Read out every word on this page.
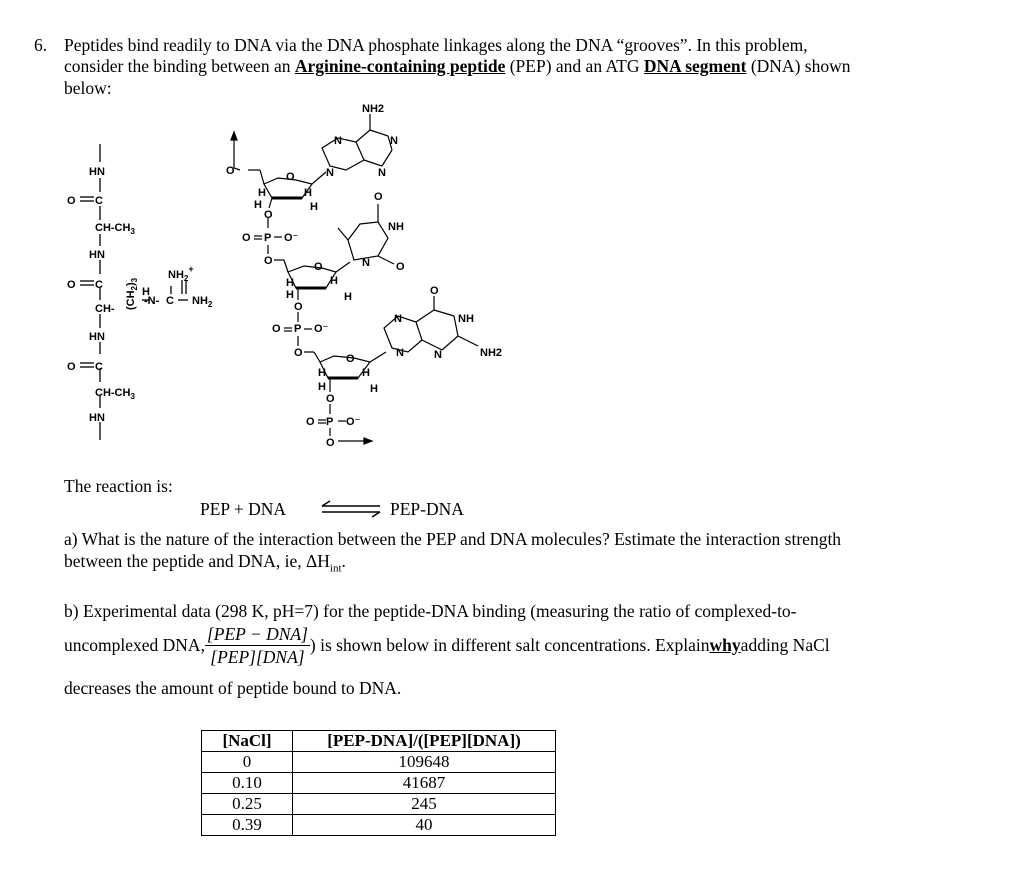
6. Peptides bind readily to DNA via the DNA phosphate linkages along the DNA “grooves”. In this problem,
consider the binding between an Arginine-containing peptide (PEP) and an ATG DNA segment (DNA) shown
below:
HN
O C
$CH-CH_3$
HN
O C
CH- $(CH_2)_3$
H
-N- C
$NH_2^+$
$NH_2$
HN
O C
$CH-CH_3$
HN
NH2
N	N
N	N
O	O
H	H
H	H
O
O P O⁻
O
O
NH
O
N
O
H	H
H	H
O
O P O⁻
O
O
NH
N
N	N	NH2
O
H	H
H	H
O
O P O⁻
O
The reaction is:
PEP + DNA ⇌ PEP-DNA
a) What is the nature of the interaction between the PEP and DNA molecules? Estimate the interaction strength
between the peptide and DNA, ie, $\Delta H_{int}$.
b) Experimental data (298 K, pH=7) for the peptide-DNA binding (measuring the ratio of complexed-to-
uncomplexed DNA, $\frac{\text{[PEP − DNA]}}{\text{[PEP][DNA]}}$ ) is shown below in different salt concentrations. Explain why adding NaCl
decreases the amount of peptide bound to DNA.
[NaCl]	[PEP-DNA]/([PEP][DNA])
0	109648
0.10	41687
0.25	245
0.39	40
